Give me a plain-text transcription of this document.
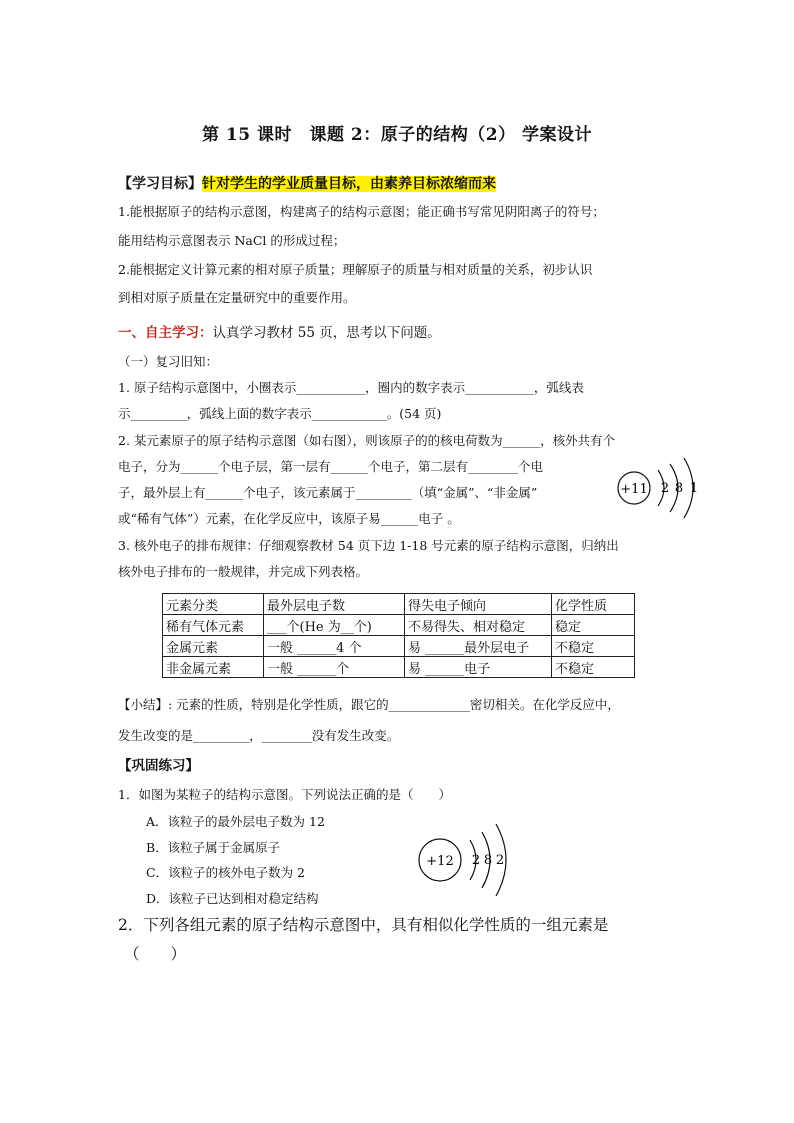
第 15 课时　课题 2：原子的结构（2） 学案设计
【学习目标】针对学生的学业质量目标，由素养目标浓缩而来
1.能根据原子的结构示意图，构建离子的结构示意图；能正确书写常见阴阳离子的符号；
能用结构示意图表示 NaCl 的形成过程；
2.能根据定义计算元素的相对原子质量；理解原子的质量与相对质量的关系，初步认识
到相对原子质量在定量研究中的重要作用。
一、自主学习：认真学习教材 55 页，思考以下问题。
（一）复习旧知：
1. 原子结构示意图中，小圈表示___________，圈内的数字表示___________，弧线表
示_________，弧线上面的数字表示____________。(54 页)
2. 某元素原子的原子结构示意图（如右图），则该原子的的核电荷数为______，核外共有个
电子，分为______个电子层，第一层有______个电子，第二层有________个电
子，最外层上有______个电子，该元素属于_________（填“金属”、“非金属”
或“稀有气体”）元素，在化学反应中，该原子易______电子 。
+11 2 8 1
3. 核外电子的排布规律：仔细观察教材 54 页下边 1-18 号元素的原子结构示意图，归纳出
核外电子排布的一般规律，并完成下列表格。
元素分类	最外层电子数	得失电子倾向	化学性质
稀有气体元素	___个(He 为__个)	不易得失、相对稳定	稳定
金属元素	一般 ______4 个	易 ______最外层电子	不稳定
非金属元素	一般 ______个	易 ______电子	不稳定
【小结】: 元素的性质，特别是化学性质，跟它的_____________密切相关。在化学反应中，
发生改变的是_________，________没有发生改变。
【巩固练习】
1．如图为某粒子的结构示意图。下列说法正确的是（　　）
A．该粒子的最外层电子数为 12
B．该粒子属于金属原子
C．该粒子的核外电子数为 2
D．该粒子已达到相对稳定结构
+12 2 8 2
2．下列各组元素的原子结构示意图中，具有相似化学性质的一组元素是
（　　）
